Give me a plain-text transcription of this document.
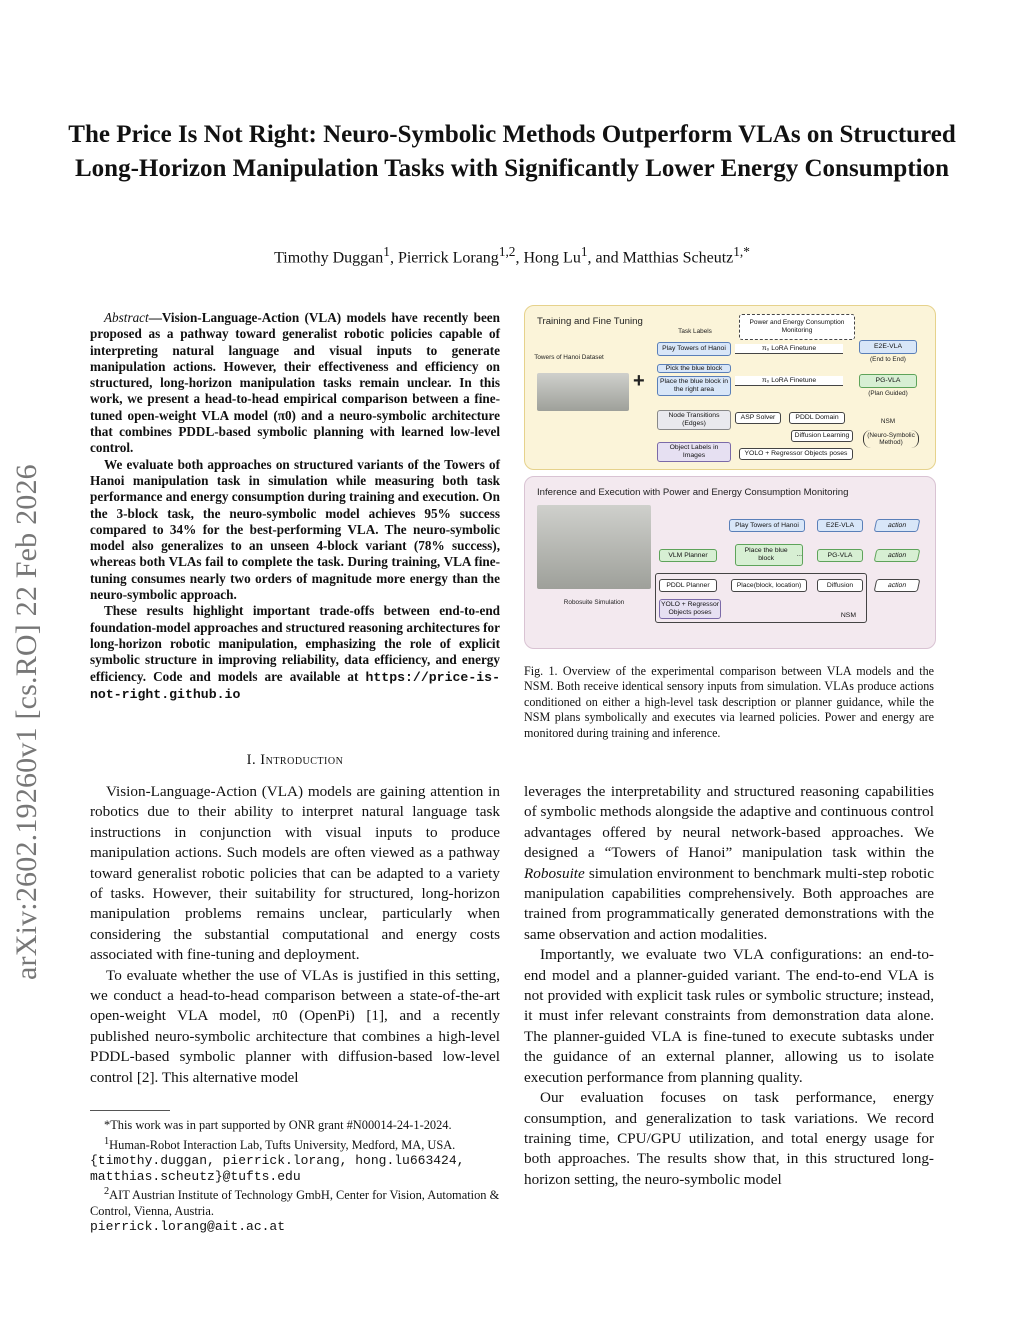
arXiv:2602.19260v1 [cs.RO] 22 Feb 2026
The Price Is Not Right: Neuro-Symbolic Methods Outperform VLAs on Structured Long-Horizon Manipulation Tasks with Significantly Lower Energy Consumption
Timothy Duggan$^1$, Pierrick Lorang$^{1,2}$, Hong Lu$^1$, and Matthias Scheutz$^{1,*}$

Abstract—Vision-Language-Action (VLA) models have recently been proposed as a pathway toward generalist robotic policies capable of interpreting natural language and visual inputs to generate manipulation actions. However, their effectiveness and efficiency on structured, long-horizon manipulation tasks remain unclear. In this work, we present a head-to-head empirical comparison between a fine-tuned open-weight VLA model (π0) and a neuro-symbolic architecture that combines PDDL-based symbolic planning with learned low-level control.

We evaluate both approaches on structured variants of the Towers of Hanoi manipulation task in simulation while measuring both task performance and energy consumption during training and execution. On the 3-block task, the neuro-symbolic model achieves 95% success compared to 34% for the best-performing VLA. The neuro-symbolic model also generalizes to an unseen 4-block variant (78% success), whereas both VLAs fail to complete the task. During training, VLA fine-tuning consumes nearly two orders of magnitude more energy than the neuro-symbolic approach.

These results highlight important trade-offs between end-to-end foundation-model approaches and structured reasoning architectures for long-horizon robotic manipulation, emphasizing the role of explicit symbolic structure in improving reliability, data efficiency, and energy efficiency. Code and models are available at https://price-is-not-right.github.io

I. Introduction

Vision-Language-Action (VLA) models are gaining attention in robotics due to their ability to interpret natural language task instructions in conjunction with visual inputs to produce manipulation actions. Such models are often viewed as a pathway toward generalist robotic policies that can be adapted to a variety of tasks. However, their suitability for structured, long-horizon manipulation problems remains unclear, particularly when considering the substantial computational and energy costs associated with fine-tuning and deployment.

To evaluate whether the use of VLAs is justified in this setting, we conduct a head-to-head comparison between a state-of-the-art open-weight VLA model, π0 (OpenPi) [1], and a recently published neuro-symbolic architecture that combines a high-level PDDL-based symbolic planner with diffusion-based low-level control [2]. This alternative model

*This work was in part supported by ONR grant #N00014-24-1-2024.

$^1$Human-Robot Interaction Lab, Tufts University, Medford, MA, USA.

{timothy.duggan, pierrick.lorang, hong.lu663424, matthias.scheutz}@tufts.edu

$^2$AIT Austrian Institute of Technology GmbH, Center for Vision, Automation & Control, Vienna, Austria.

pierrick.lorang@ait.ac.at

Training and Fine Tuning
Task Labels
Power and Energy Consumption Monitoring
Towers of Hanoi Dataset
+
Play Towers of Hanoi
Pick the blue block
Place the blue block in the right area
Node Transitions (Edges)
Object Labels in Images
π₀ LoRA Finetune
π₀ LoRA Finetune
ASP Solver	PDDL Domain
Diffusion Learning
YOLO + Regressor Objects poses
E2E-VLA
(End to End)
PG-VLA
(Plan Guided)
NSM
(Neuro-Symbolic Method)
Inference and Execution with Power and Energy Consumption Monitoring
Robosuite Simulation
Play Towers of Hanoi	E2E-VLA	action
VLM Planner
Place the blue block

...	PG-VLA	action
PDDL Planner	Place(block, location)	Diffusion	action
YOLO + Regressor Objects poses	NSM
Fig. 1. Overview of the experimental comparison between VLA models and the NSM. Both receive identical sensory inputs from simulation. VLAs produce actions conditioned on either a high-level task description or planner guidance, while the NSM plans symbolically and executes via learned policies. Power and energy are monitored during training and inference.

leverages the interpretability and structured reasoning capabilities of symbolic methods alongside the adaptive and continuous control advantages offered by neural network-based approaches. We designed a “Towers of Hanoi” manipulation task within the Robosuite simulation environment to benchmark multi-step robotic manipulation capabilities comprehensively. Both approaches are trained from programmatically generated demonstrations with the same observation and action modalities.

Importantly, we evaluate two VLA configurations: an end-to-end model and a planner-guided variant. The end-to-end VLA is not provided with explicit task rules or symbolic structure; instead, it must infer relevant constraints from demonstration data alone. The planner-guided VLA is fine-tuned to execute subtasks under the guidance of an external planner, allowing us to isolate execution performance from planning quality.

Our evaluation focuses on task performance, energy consumption, and generalization to task variations. We record training time, CPU/GPU utilization, and total energy usage for both approaches. The results show that, in this structured long-horizon setting, the neuro-symbolic model
